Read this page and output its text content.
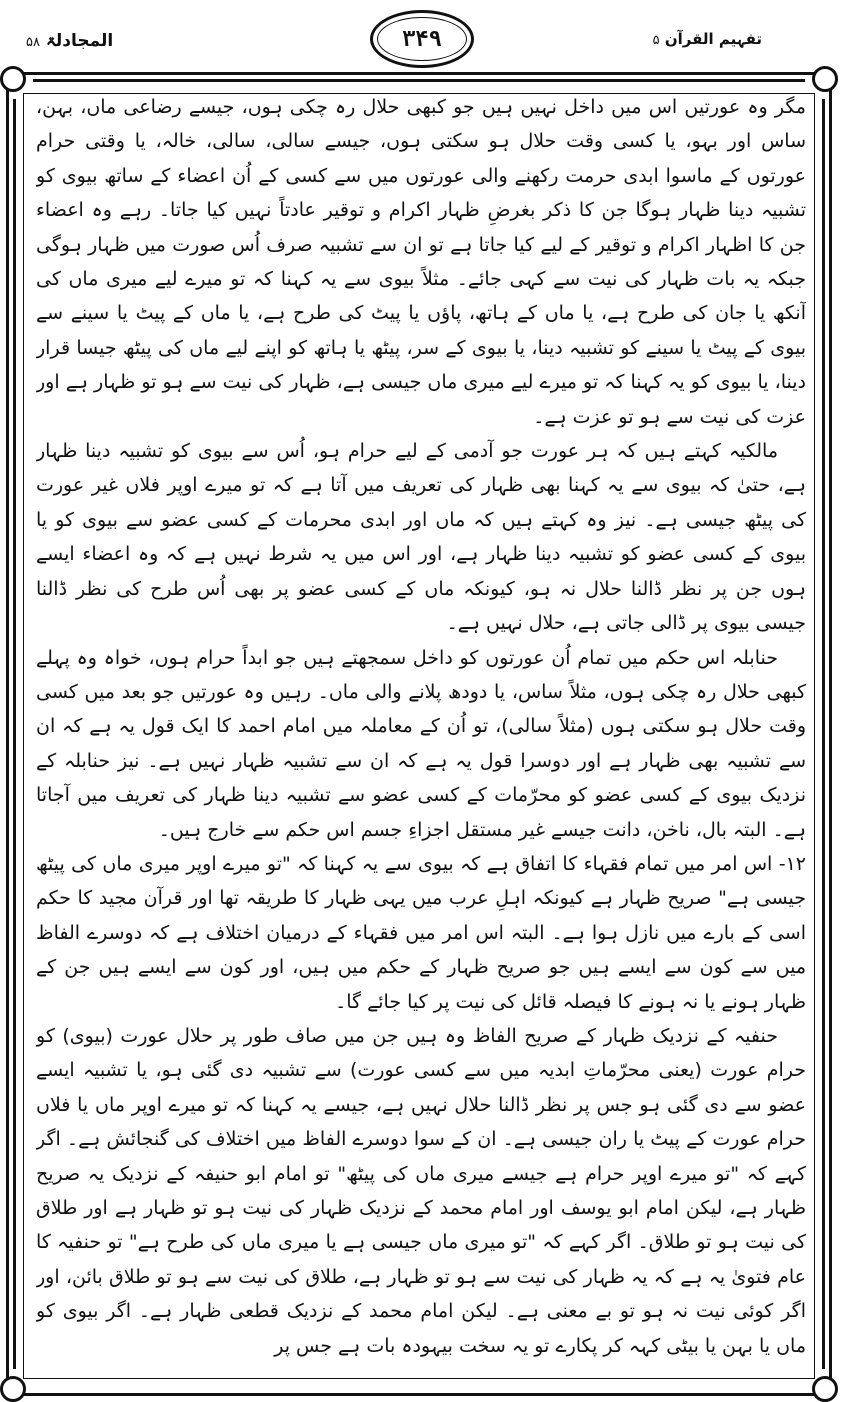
المجادلۃ ۵۸	۳۴۹	تفہیم القرآن ۵

مگر وہ عورتیں اس میں داخل نہیں ہیں جو کبھی حلال رہ چکی ہوں، جیسے رضاعی ماں، بہن، ساس اور بہو، یا کسی وقت حلال ہو سکتی ہوں، جیسے سالی، سالی، خالہ، یا وقتی حرام عورتوں کے ماسوا ابدی حرمت رکھنے والی عورتوں میں سے کسی کے اُن اعضاء کے ساتھ بیوی کو تشبیہ دینا ظہار ہوگا جن کا ذکر بغرضِ ظہار اکرام و توقیر عادتاً نہیں کیا جاتا۔ رہے وہ اعضاء جن کا اظہار اکرام و توقیر کے لیے کیا جاتا ہے تو ان سے تشبیہ صرف اُس صورت میں ظہار ہوگی جبکہ یہ بات ظہار کی نیت سے کہی جائے۔ مثلاً بیوی سے یہ کہنا کہ تو میرے لیے میری ماں کی آنکھ یا جان کی طرح ہے، یا ماں کے ہاتھ، پاؤں یا پیٹ کی طرح ہے، یا ماں کے پیٹ یا سینے سے بیوی کے پیٹ یا سینے کو تشبیہ دینا، یا بیوی کے سر، پیٹھ یا ہاتھ کو اپنے لیے ماں کی پیٹھ جیسا قرار دینا، یا بیوی کو یہ کہنا کہ تو میرے لیے میری ماں جیسی ہے، ظہار کی نیت سے ہو تو ظہار ہے اور عزت کی نیت سے ہو تو عزت ہے۔

مالکیہ کہتے ہیں کہ ہر عورت جو آدمی کے لیے حرام ہو، اُس سے بیوی کو تشبیہ دینا ظہار ہے، حتیٰ کہ بیوی سے یہ کہنا بھی ظہار کی تعریف میں آتا ہے کہ تو میرے اوپر فلاں غیر عورت کی پیٹھ جیسی ہے۔ نیز وہ کہتے ہیں کہ ماں اور ابدی محرمات کے کسی عضو سے بیوی کو یا بیوی کے کسی عضو کو تشبیہ دینا ظہار ہے، اور اس میں یہ شرط نہیں ہے کہ وہ اعضاء ایسے ہوں جن پر نظر ڈالنا حلال نہ ہو، کیونکہ ماں کے کسی عضو پر بھی اُس طرح کی نظر ڈالنا جیسی بیوی پر ڈالی جاتی ہے، حلال نہیں ہے۔

حنابلہ اس حکم میں تمام اُن عورتوں کو داخل سمجھتے ہیں جو ابداً حرام ہوں، خواہ وہ پہلے کبھی حلال رہ چکی ہوں، مثلاً ساس، یا دودھ پلانے والی ماں۔ رہیں وہ عورتیں جو بعد میں کسی وقت حلال ہو سکتی ہوں (مثلاً سالی)، تو اُن کے معاملہ میں امام احمد کا ایک قول یہ ہے کہ ان سے تشبیہ بھی ظہار ہے اور دوسرا قول یہ ہے کہ ان سے تشبیہ ظہار نہیں ہے۔ نیز حنابلہ کے نزدیک بیوی کے کسی عضو کو محرّمات کے کسی عضو سے تشبیہ دینا ظہار کی تعریف میں آجاتا ہے۔ البتہ بال، ناخن، دانت جیسے غیر مستقل اجزاءِ جسم اس حکم سے خارج ہیں۔

۱۲- اس امر میں تمام فقہاء کا اتفاق ہے کہ بیوی سے یہ کہنا کہ "تو میرے اوپر میری ماں کی پیٹھ جیسی ہے" صریح ظہار ہے کیونکہ اہلِ عرب میں یہی ظہار کا طریقہ تھا اور قرآن مجید کا حکم اسی کے بارے میں نازل ہوا ہے۔ البتہ اس امر میں فقہاء کے درمیان اختلاف ہے کہ دوسرے الفاظ میں سے کون سے ایسے ہیں جو صریح ظہار کے حکم میں ہیں، اور کون سے ایسے ہیں جن کے ظہار ہونے یا نہ ہونے کا فیصلہ قائل کی نیت پر کیا جائے گا۔

حنفیہ کے نزدیک ظہار کے صریح الفاظ وہ ہیں جن میں صاف طور پر حلال عورت (بیوی) کو حرام عورت (یعنی محرّماتِ ابدیہ میں سے کسی عورت) سے تشبیہ دی گئی ہو، یا تشبیہ ایسے عضو سے دی گئی ہو جس پر نظر ڈالنا حلال نہیں ہے، جیسے یہ کہنا کہ تو میرے اوپر ماں یا فلاں حرام عورت کے پیٹ یا ران جیسی ہے۔ ان کے سوا دوسرے الفاظ میں اختلاف کی گنجائش ہے۔ اگر کہے کہ "تو میرے اوپر حرام ہے جیسے میری ماں کی پیٹھ" تو امام ابو حنیفہ کے نزدیک یہ صریح ظہار ہے، لیکن امام ابو یوسف اور امام محمد کے نزدیک ظہار کی نیت ہو تو ظہار ہے اور طلاق کی نیت ہو تو طلاق۔ اگر کہے کہ "تو میری ماں جیسی ہے یا میری ماں کی طرح ہے" تو حنفیہ کا عام فتویٰ یہ ہے کہ یہ ظہار کی نیت سے ہو تو ظہار ہے، طلاق کی نیت سے ہو تو طلاق بائن، اور اگر کوئی نیت نہ ہو تو بے معنی ہے۔ لیکن امام محمد کے نزدیک قطعی ظہار ہے۔ اگر بیوی کو ماں یا بہن یا بیٹی کہہ کر پکارے تو یہ سخت بیہودہ بات ہے جس پر
